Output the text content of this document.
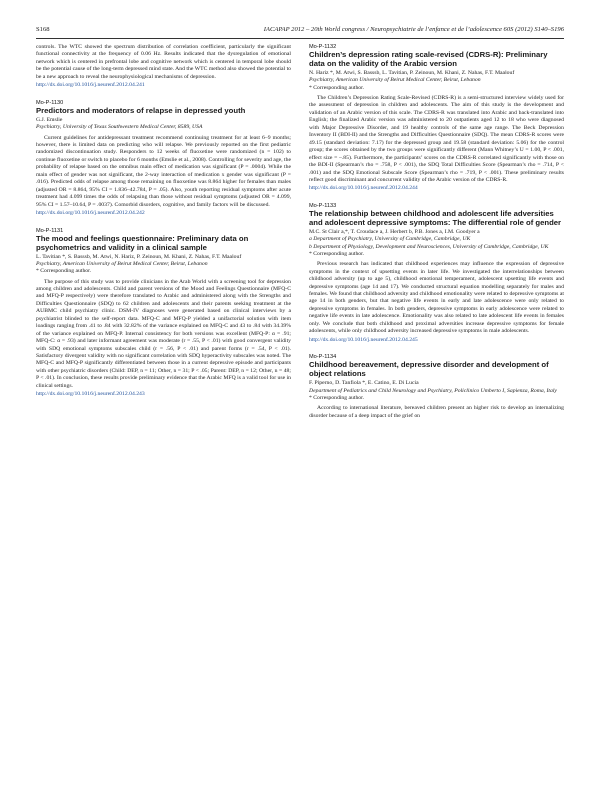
S168	IACAPAP 2012 – 20th World congress / Neuropsychiatrie de l’enfance et de l’adolescence 60S (2012) S140–S196
controls. The WTC showed the spectrum distribution of correlation coefficient, particularly the significant functional connectivity at the frequency of 0.06 Hz. Results indicated that the dysregulation of emotional network which is centered in prefrontal lobe and cognitive network which is centered in temporal lobe should be the potential cause of the long-term depressed mind state. And the WTC method also showed the potential to be a new approach to reveal the neurophysiological mechanisms of depression.
http://dx.doi.org/10.1016/j.neurenf.2012.04.241
Mo-P-1130
Predictors and moderators of relapse in depressed youth
G.J. Emslie
Psychiatry, University of Texas Southwestern Medical Center, 8589, USA
Current guidelines for antidepressant treatment recommend continuing treatment for at least 6–9 months; however, there is limited data on predicting who will relapse. We previously reported on the first pediatric randomized discontinuation study. Responders to 12 weeks of fluoxetine were randomized (n = 102) to continue fluoxetine or switch to placebo for 6 months (Emslie et al., 2008). Controlling for severity and age, the probability of relapse based on the omnibus main effect of medication was significant (P = .0004). While the main effect of gender was not significant, the 2-way interaction of medication x gender was significant (P = .016). Predicted odds of relapse among those remaining on fluoxetine was 8.864 higher for females than males (adjusted OR = 8.864, 95% CI = 1.836–42.784, P = .05). Also, youth reporting residual symptoms after acute treatment had 4.099 times the odds of relapsing than those without residual symptoms (adjusted OR = 4.099, 95% CI = 1.57–10.64, P = .0037). Comorbid disorders, cognitive, and family factors will be discussed.
http://dx.doi.org/10.1016/j.neurenf.2012.04.242
Mo-P-1131
The mood and feelings questionnaire: Preliminary data on psychometrics and validity in a clinical sample
L. Tavitian *, S. Basssb, M. Atwi, N. Hariz, P. Zeinoun, M. Khani, Z. Nahas, F.T. Maalouf
Psychiatry, American University of Beirut Medical Center, Beirut, Lebanon
* Corresponding author.
The purpose of this study was to provide clinicians in the Arab World with a screening tool for depression among children and adolescents. Child and parent versions of the Mood and Feelings Questionnaire (MFQ-C and MFQ-P respectively) were therefore translated to Arabic and administered along with the Strengths and Difficulties Questionnaire (SDQ) to 62 children and adolescents and their parents seeking treatment at the AUBMC child psychiatry clinic. DSM-IV diagnoses were generated based on clinical interviews by a psychiatrist blinded to the self-report data. MFQ-C and MFQ-P yielded a unifactorial solution with item loadings ranging from .41 to .84 with 32.82% of the variance explained on MFQ-C and 43 to .84 with 34.39% of the variance explained on MFQ-P. Internal consistency for both versions was excellent (MFQ-P: α = .91; MFQ-C: α = .93) and later informant agreement was moderate (r = .55, P < .01) with good convergent validity with SDQ emotional symptoms subscales child (r = .56, P < .01) and parent forms (r = .54, P < .01). Satisfactory divergent validity with no significant correlation with SDQ hyperactivity subscales was noted. The MFQ-C and MFQ-P significantly differentiated between those in a current depressive episode and participants with other psychiatric disorders (Child: DEP, n = 11; Other, n = 31; P < .05; Parent: DEP, n = 12; Other, n = 48; P < .01). In conclusion, these results provide preliminary evidence that the Arabic MFQ is a valid tool for use in clinical settings.
http://dx.doi.org/10.1016/j.neurenf.2012.04.243
Mo-P-1132
Children’s depression rating scale-revised (CDRS-R): Preliminary data on the validity of the Arabic version
N. Hariz *, M. Atwi, S. Basssb, L. Tavitian, P. Zeinoun, M. Khani, Z. Nahas, F.T. Maalouf
Psychiatry, American University of Beirut Medical Center, Beirut, Lebanon
* Corresponding author.
The Children’s Depression Rating Scale-Revised (CDRS-R) is a semi-structured interview widely used for the assessment of depression in children and adolescents. The aim of this study is the development and validation of an Arabic version of this scale. The CDRS-R was translated into Arabic and back-translated into English; the finalized Arabic version was administered to 20 outpatients aged 12 to 18 who were diagnosed with Major Depressive Disorder, and 19 healthy controls of the same age range. The Beck Depression Inventory II (BDI-II) and the Strengths and Difficulties Questionnaire (SDQ). The mean CDRS-R scores were 49.15 (standard deviation: 7.17) for the depressed group and 19.58 (standard deviation: 5.06) for the control group; the scores obtained by the two groups were significantly different (Mann Whitney’s U = 1.00, P < .001, effect size = –.85). Furthermore, the participants’ scores on the CDRS-R correlated significantly with those on the BDI-II (Spearman’s rho = .758, P < .001), the SDQ Total Difficulties Score (Spearman’s rho = .714, P < .001) and the SDQ Emotional Subscale Score (Spearman’s rho = .719, P < .001). These preliminary results reflect good discriminant and concurrent validity of the Arabic version of the CDRS-R.
http://dx.doi.org/10.1016/j.neurenf.2012.04.244
Mo-P-1133
The relationship between childhood and adolescent life adversities and adolescent depressive symptoms: The differential role of gender
M.C. St Clair a,*, T. Croudace a, J. Herbert b, P.B. Jones a, I.M. Goodyer a
a Department of Psychiatry, University of Cambridge, Cambridge, UK
b Department of Physiology, Development and Neurosciences, University of Cambridge, Cambridge, UK
* Corresponding author.
Previous research has indicated that childhood experiences may influence the expression of depressive symptoms in the context of upsetting events in later life. We investigated the interrelationships between childhood adversity (up to age 5), childhood emotional temperament, adolescent upsetting life events and depressive symptoms (age 14 and 17). We conducted structural equation modelling separately for males and females. We found that childhood adversity and childhood emotionality were related to depressive symptoms at age 14 in both genders, but that negative life events in early and late adolescence were only related to depressive symptoms in females. In both genders, depressive symptoms in early adolescence were related to negative life events in late adolescence. Emotionality was also related to late adolescent life events in females only. We conclude that both childhood and proximal adversities increase depressive symptoms for female adolescents, while only childhood adversity increased depressive symptoms in male adolescents.
http://dx.doi.org/10.1016/j.neurenf.2012.04.245
Mo-P-1134
Childhood bereavement, depressive disorder and development of object relations
F. Piperno, D. Tanfiola *, E. Catino, E. Di Lucia
Department of Pediatrics and Child Neurology and Psychiatry, Policlinico Umberto I, Sapienza, Roma, Italy
* Corresponding author.
According to international literature, bereaved children present an higher risk to develop an internalizing disorder because of a deep impact of the grief on
